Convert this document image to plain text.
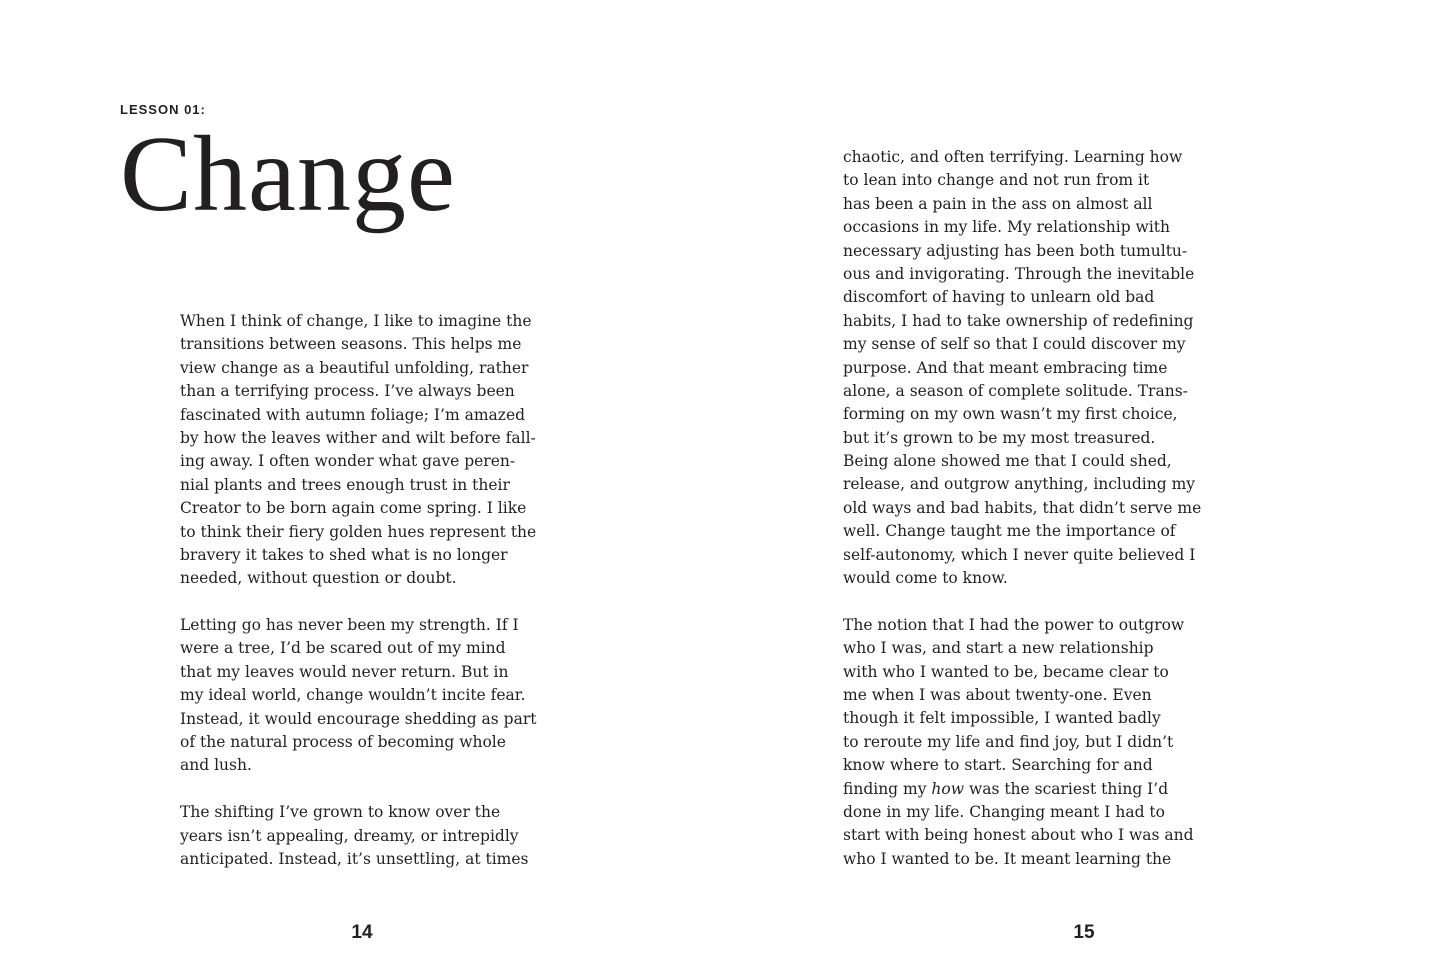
LESSON 01:

Change

When I think of change, I like to imagine the
transitions between seasons. This helps me
view change as a beautiful unfolding, rather
than a terrifying process. I’ve always been
fascinated with autumn foliage; I’m amazed
by how the leaves wither and wilt before fall-
ing away. I often wonder what gave peren-
nial plants and trees enough trust in their
Creator to be born again come spring. I like
to think their fiery golden hues represent the
bravery it takes to shed what is no longer
needed, without question or doubt.

Letting go has never been my strength. If I
were a tree, I’d be scared out of my mind
that my leaves would never return. But in
my ideal world, change wouldn’t incite fear.
Instead, it would encourage shedding as part
of the natural process of becoming whole
and lush.

The shifting I’ve grown to know over the
years isn’t appealing, dreamy, or intrepidly
anticipated. Instead, it’s unsettling, at times

14

chaotic, and often terrifying. Learning how
to lean into change and not run from it
has been a pain in the ass on almost all
occasions in my life. My relationship with
necessary adjusting has been both tumultu-
ous and invigorating. Through the inevitable
discomfort of having to unlearn old bad
habits, I had to take ownership of redefining
my sense of self so that I could discover my
purpose. And that meant embracing time
alone, a season of complete solitude. Trans-
forming on my own wasn’t my first choice,
but it’s grown to be my most treasured.
Being alone showed me that I could shed,
release, and outgrow anything, including my
old ways and bad habits, that didn’t serve me
well. Change taught me the importance of
self-autonomy, which I never quite believed I
would come to know.

The notion that I had the power to outgrow
who I was, and start a new relationship
with who I wanted to be, became clear to
me when I was about twenty-one. Even
though it felt impossible, I wanted badly
to reroute my life and find joy, but I didn’t
know where to start. Searching for and
finding my how was the scariest thing I’d
done in my life. Changing meant I had to
start with being honest about who I was and
who I wanted to be. It meant learning the

15
